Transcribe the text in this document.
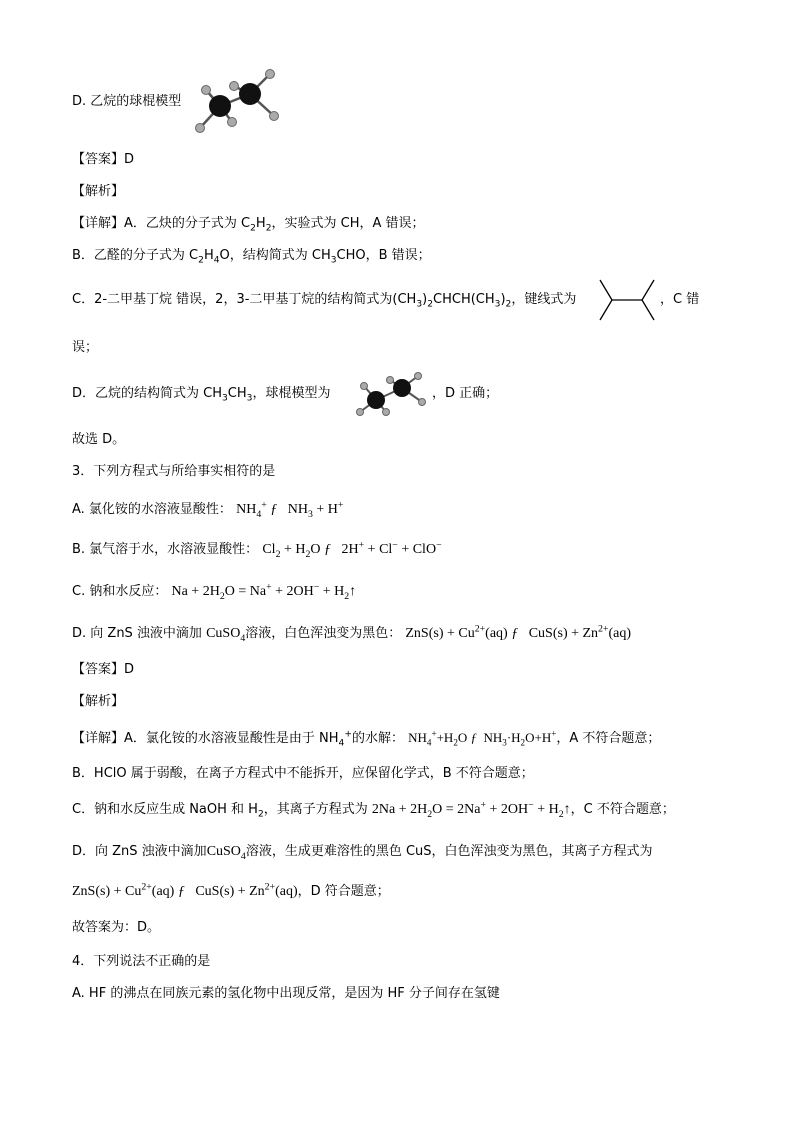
D. 乙烷的球棍模型
【答案】D
【解析】
【详解】A．乙炔的分子式为 $C_2H_2$，实验式为 CH，A 错误；
B．乙醛的分子式为 $C_2H_4O$，结构简式为 $CH_3CHO$，B 错误；
C．2-二甲基丁烷 错误，2，3-二甲基丁烷的结构简式为$(CH_3)_2CHCH(CH_3)_2$，键线式为	，C 错
误；
D．乙烷的结构简式为 $CH_3CH_3$，球棍模型为	，D 正确；
故选 D。
3．下列方程式与所给事实相符的是
A. 氯化铵的水溶液显酸性： $NH_4^+$ ƒ   $NH_3 + H^+$
B. 氯气溶于水，水溶液显酸性： $Cl_2 + H_2O$ ƒ   2H+ + Cl− + ClO−
C. 钠和水反应： $Na + 2H_2O = Na^+ + 2OH^-$ + $H_2↑$
D. 向 ZnS 浊液中滴加 CuSO$_4$溶液，白色浑浊变为黑色： $ZnS(s) + Cu^{2+}(aq)$ ƒ   $CuS(s) + Zn^{2+}(aq)$
【答案】D
【解析】
【详解】A．氯化铵的水溶液显酸性是由于 $NH_4^+$的水解： $NH_4^++H_2O$ ƒ  $NH_3\cdot H_2O+H^+$，A 不符合题意；
B．HClO 属于弱酸，在离子方程式中不能拆开，应保留化学式，B 不符合题意；
C．钠和水反应生成 NaOH 和 $H_2$，其离子方程式为 $2Na + 2H_2O = 2Na^+ + 2OH^-$ + $H_2↑$，C 不符合题意；
D．向 ZnS 浊液中滴加CuSO$_4$溶液，生成更难溶性的黑色 CuS，白色浑浊变为黑色，其离子方程式为
$ZnS(s) + Cu^{2+}(aq)$ ƒ   $CuS(s) + Zn^{2+}(aq)$，D 符合题意；
故答案为：D。
4．下列说法不正确的是
A. HF 的沸点在同族元素的氢化物中出现反常，是因为 HF 分子间存在氢键
